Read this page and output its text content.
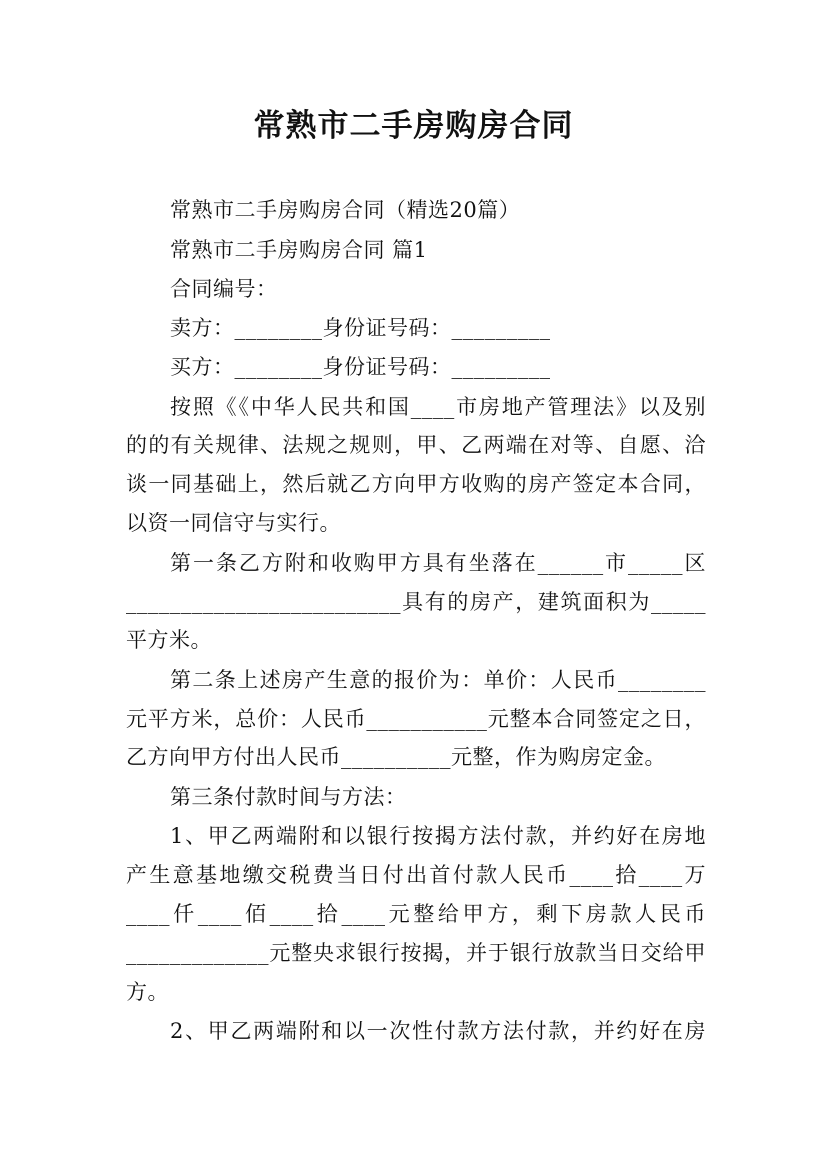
常熟市二手房购房合同
常熟市二手房购房合同（精选20篇）
常熟市二手房购房合同 篇1
合同编号：
卖方：________身份证号码：_________
买方：________身份证号码：_________
按照《《中华人民共和国____市房地产管理法》以及别
的的有关规律、法规之规则，甲、乙两端在对等、自愿、洽
谈一同基础上，然后就乙方向甲方收购的房产签定本合同，
以资一同信守与实行。
第一条乙方附和收购甲方具有坐落在______市_____区
_________________________具有的房产，建筑面积为_____
平方米。
第二条上述房产生意的报价为：单价：人民币________
元平方米，总价：人民币___________元整本合同签定之日，
乙方向甲方付出人民币__________元整，作为购房定金。
第三条付款时间与方法：
1、甲乙两端附和以银行按揭方法付款，并约好在房地
产生意基地缴交税费当日付出首付款人民币____拾____万
____仟____佰____拾____元整给甲方，剩下房款人民币
_____________元整央求银行按揭，并于银行放款当日交给甲
方。
2、甲乙两端附和以一次性付款方法付款，并约好在房
